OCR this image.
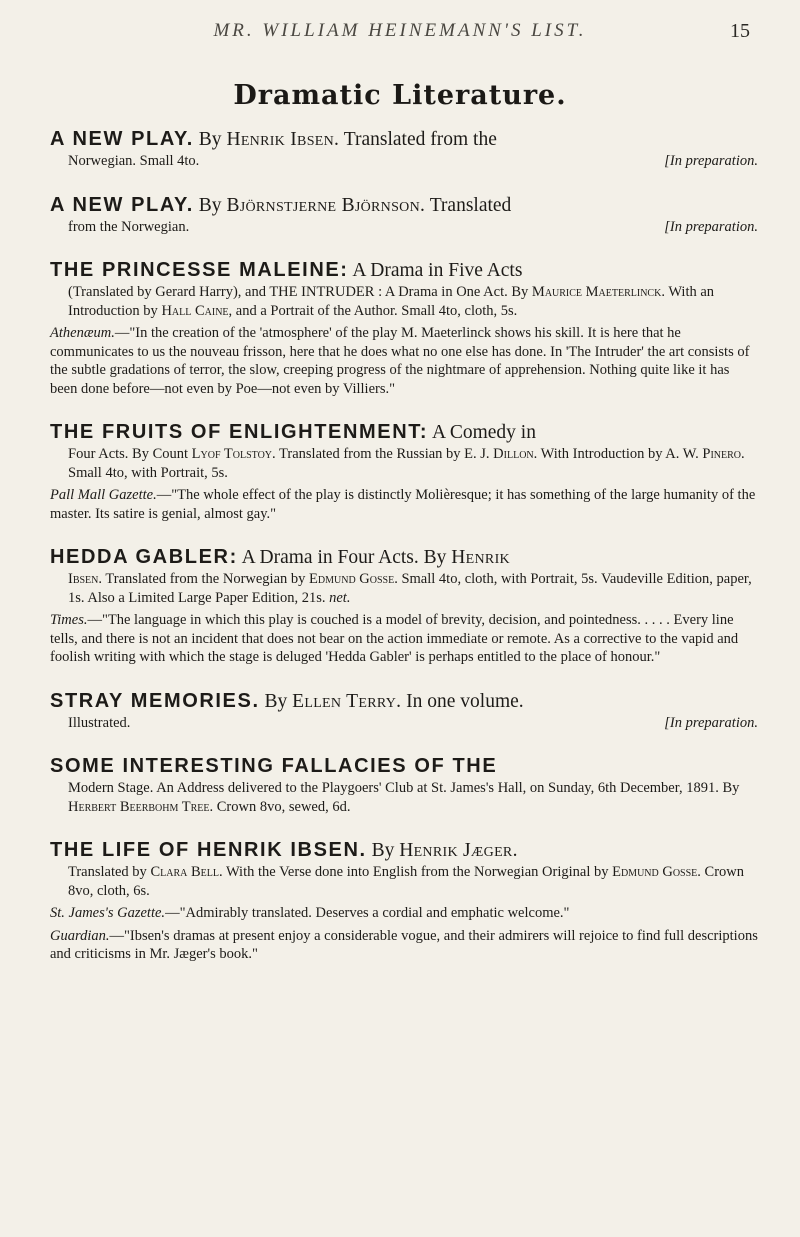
MR. WILLIAM HEINEMANN'S LIST.	15
Dramatic Literature.

A NEW PLAY. By Henrik Ibsen. Translated from the

Norwegian. Small 4to.	[In preparation.

A NEW PLAY. By Björnstjerne Björnson. Translated

from the Norwegian.	[In preparation.

THE PRINCESSE MALEINE: A Drama in Five Acts

(Translated by Gerard Harry), and THE INTRUDER : A Drama in One Act. By Maurice Maeterlinck. With an Introduction by Hall Caine, and a Portrait of the Author. Small 4to, cloth, 5s.

Athenæum.—"In the creation of the 'atmosphere' of the play M. Maeterlinck shows his skill. It is here that he communicates to us the nouveau frisson, here that he does what no one else has done. In 'The Intruder' the art consists of the subtle gradations of terror, the slow, creeping progress of the nightmare of apprehension. Nothing quite like it has been done before—not even by Poe—not even by Villiers."

THE FRUITS OF ENLIGHTENMENT: A Comedy in

Four Acts. By Count Lyof Tolstoy. Translated from the Russian by E. J. Dillon. With Introduction by A. W. Pinero. Small 4to, with Portrait, 5s.

Pall Mall Gazette.—"The whole effect of the play is distinctly Molièresque; it has something of the large humanity of the master. Its satire is genial, almost gay."

HEDDA GABLER: A Drama in Four Acts. By Henrik

Ibsen. Translated from the Norwegian by Edmund Gosse. Small 4to, cloth, with Portrait, 5s. Vaudeville Edition, paper, 1s. Also a Limited Large Paper Edition, 21s. net.

Times.—"The language in which this play is couched is a model of brevity, decision, and pointedness. . . . . Every line tells, and there is not an incident that does not bear on the action immediate or remote. As a corrective to the vapid and foolish writing with which the stage is deluged 'Hedda Gabler' is perhaps entitled to the place of honour."

STRAY MEMORIES. By Ellen Terry. In one volume.

Illustrated.	[In preparation.

SOME INTERESTING FALLACIES OF THE

Modern Stage. An Address delivered to the Playgoers' Club at St. James's Hall, on Sunday, 6th December, 1891. By Herbert Beerbohm Tree. Crown 8vo, sewed, 6d.

THE LIFE OF HENRIK IBSEN. By Henrik Jæger.

Translated by Clara Bell. With the Verse done into English from the Norwegian Original by Edmund Gosse. Crown 8vo, cloth, 6s.

St. James's Gazette.—"Admirably translated. Deserves a cordial and emphatic welcome."

Guardian.—"Ibsen's dramas at present enjoy a considerable vogue, and their admirers will rejoice to find full descriptions and criticisms in Mr. Jæger's book."
